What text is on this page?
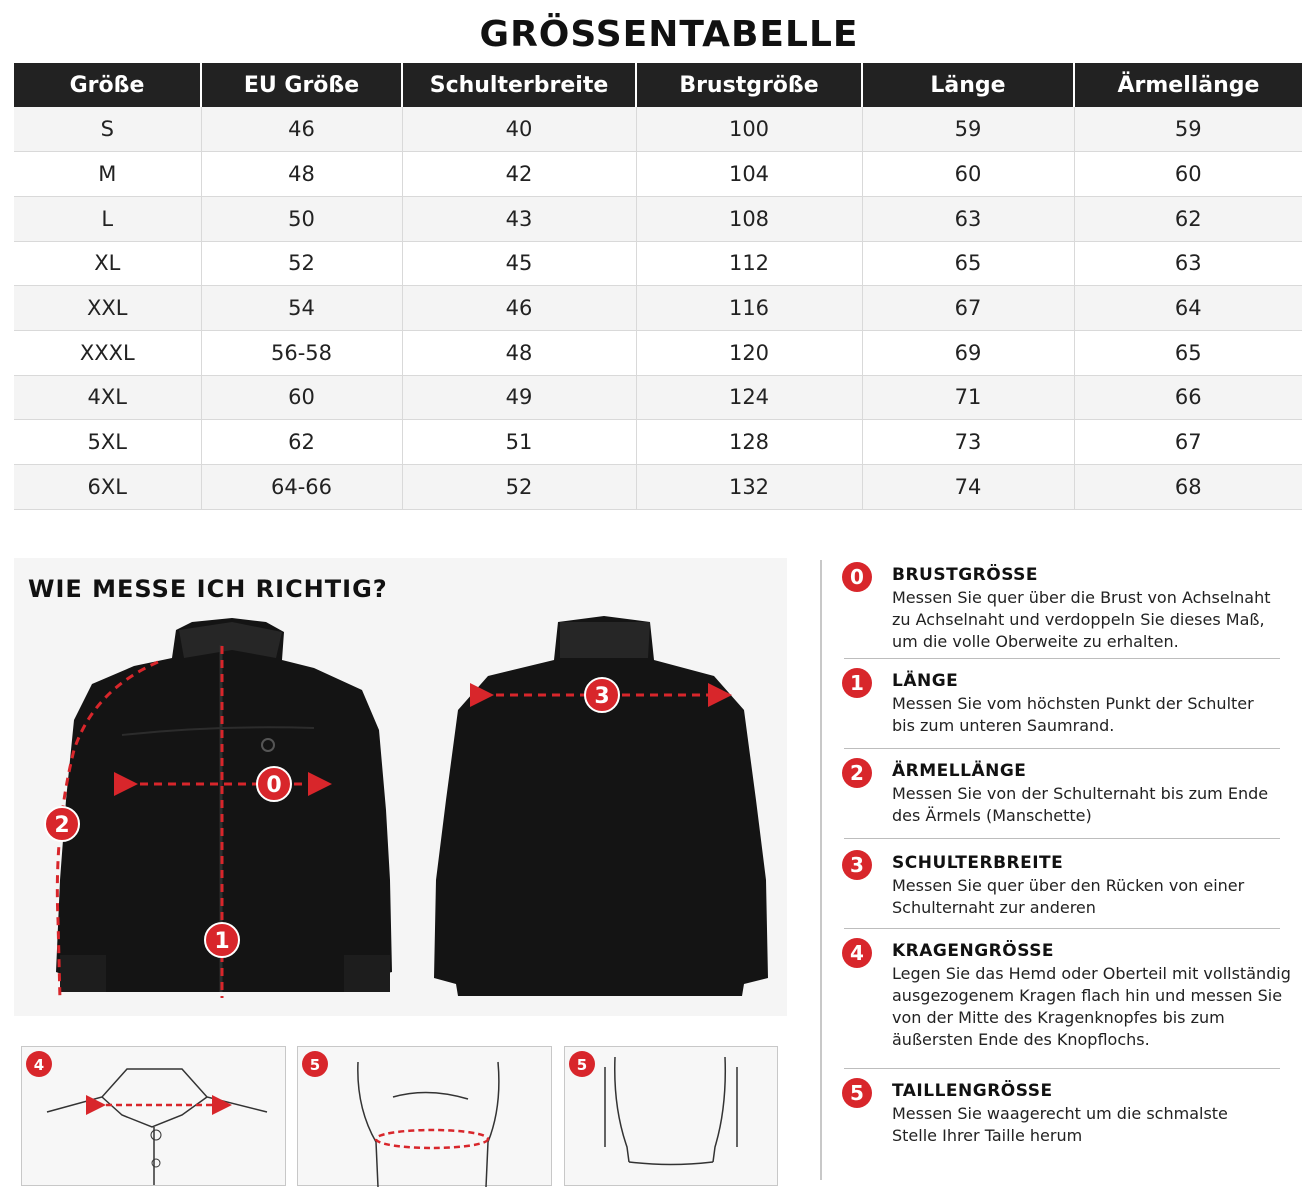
GRÖSSENTABELLE
Größe	EU Größe	Schulterbreite	Brustgröße	Länge	Ärmellänge
S	46	40	100	59	59
M	48	42	104	60	60
L	50	43	108	63	62
XL	52	45	112	65	63
XXL	54	46	116	67	64
XXXL	56-58	48	120	69	65
4XL	60	49	124	71	66
5XL	62	51	128	73	67
6XL	64-66	52	132	74	68
WIE MESSE ICH RICHTIG?
0
1
2
3
4	5	5
0	BRUSTGRÖSSE
Messen Sie quer über die Brust von Achselnaht
zu Achselnaht und verdoppeln Sie dieses Maß,
um die volle Oberweite zu erhalten.
1	LÄNGE
Messen Sie vom höchsten Punkt der Schulter
bis zum unteren Saumrand.
2	ÄRMELLÄNGE
Messen Sie von der Schulternaht bis zum Ende
des Ärmels (Manschette)
3	SCHULTERBREITE
Messen Sie quer über den Rücken von einer
Schulternaht zur anderen
4	KRAGENGRÖSSE
Legen Sie das Hemd oder Oberteil mit vollständig
ausgezogenem Kragen flach hin und messen Sie
von der Mitte des Kragenknopfes bis zum
äußersten Ende des Knopflochs.
5	TAILLENGRÖSSE
Messen Sie waagerecht um die schmalste
Stelle Ihrer Taille herum
